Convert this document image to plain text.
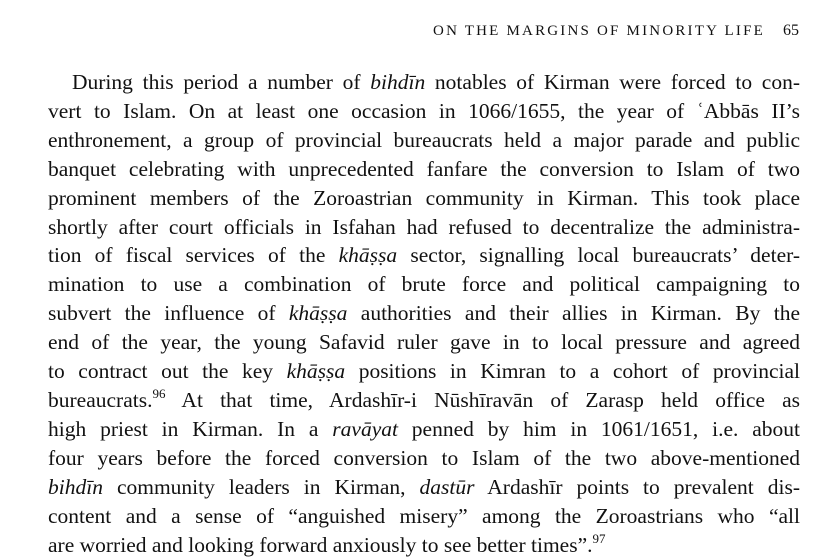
ON THE MARGINS OF MINORITY LIFE 65

During this period a number of bihdīn notables of Kirman were forced to con-
vert to Islam. On at least one occasion in 1066/1655, the year of ʿAbbās II’s
enthronement, a group of provincial bureaucrats held a major parade and public
banquet celebrating with unprecedented fanfare the conversion to Islam of two
prominent members of the Zoroastrian community in Kirman. This took place
shortly after court officials in Isfahan had refused to decentralize the administra-
tion of fiscal services of the khāṣṣa sector, signalling local bureaucrats’ deter-
mination to use a combination of brute force and political campaigning to
subvert the influence of khāṣṣa authorities and their allies in Kirman. By the
end of the year, the young Safavid ruler gave in to local pressure and agreed
to contract out the key khāṣṣa positions in Kimran to a cohort of provincial
bureaucrats.$^{96}$ At that time, Ardashīr-i Nūshīravān of Zarasp held office as
high priest in Kirman. In a ravāyat penned by him in 1061/1651, i.e. about
four years before the forced conversion to Islam of the two above-mentioned
bihdīn community leaders in Kirman, dastūr Ardashīr points to prevalent dis-
content and a sense of “anguished misery” among the Zoroastrians who “all
are worried and looking forward anxiously to see better times”.$^{97}$
